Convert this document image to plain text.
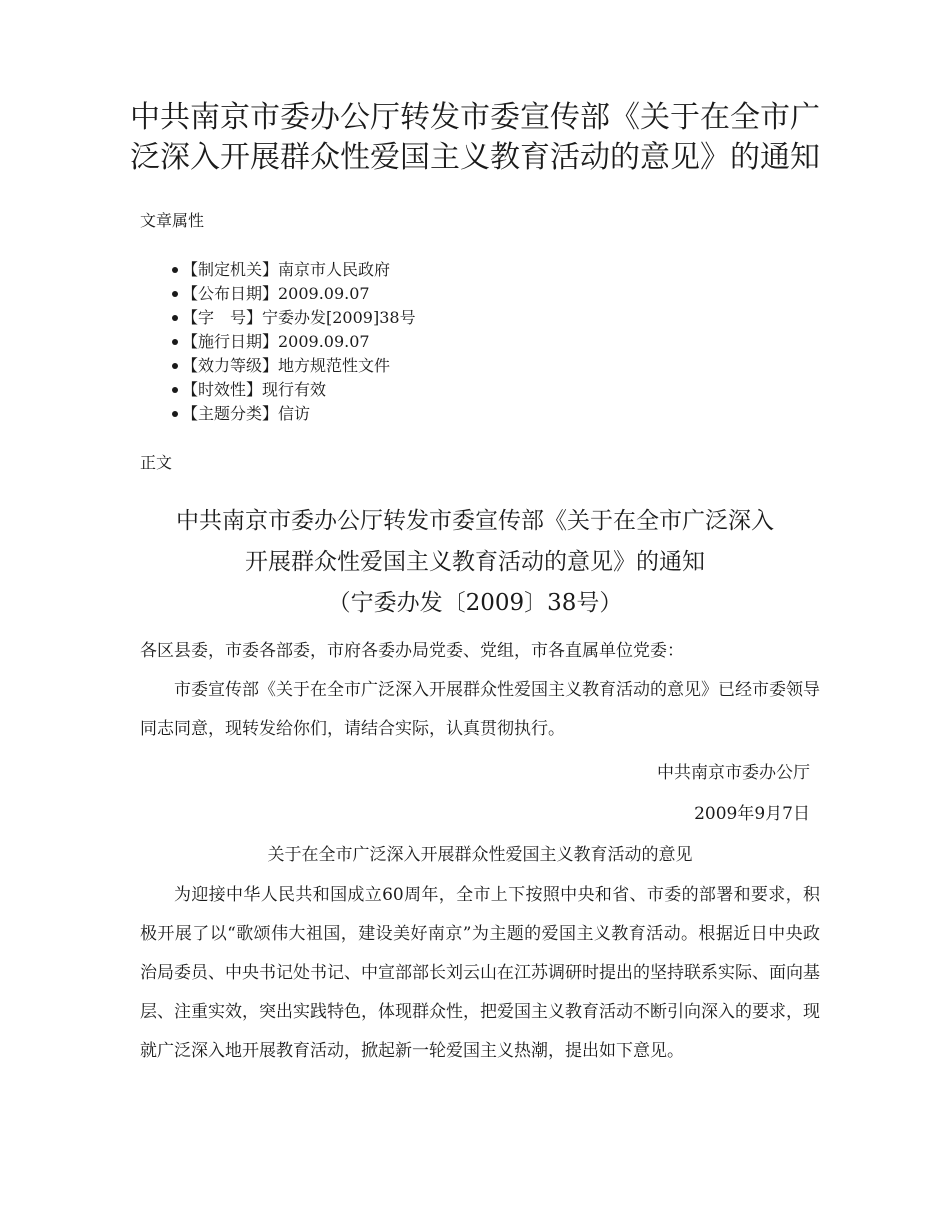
中共南京市委办公厅转发市委宣传部《关于在全市广泛深入开展群众性爱国主义教育活动的意见》的通知

文章属性

【制定机关】南京市人民政府
【公布日期】2009.09.07
【字　号】宁委办发[2009]38号
【施行日期】2009.09.07
【效力等级】地方规范性文件
【时效性】现行有效
【主题分类】信访

正文

中共南京市委办公厅转发市委宣传部《关于在全市广泛深入
开展群众性爱国主义教育活动的意见》的通知
（宁委办发〔2009〕38号）

各区县委，市委各部委，市府各委办局党委、党组，市各直属单位党委：

市委宣传部《关于在全市广泛深入开展群众性爱国主义教育活动的意见》已经市委领导同志同意，现转发给你们，请结合实际，认真贯彻执行。

中共南京市委办公厅

2009年9月7日

关于在全市广泛深入开展群众性爱国主义教育活动的意见

为迎接中华人民共和国成立60周年，全市上下按照中央和省、市委的部署和要求，积极开展了以“歌颂伟大祖国，建设美好南京”为主题的爱国主义教育活动。根据近日中央政治局委员、中央书记处书记、中宣部部长刘云山在江苏调研时提出的坚持联系实际、面向基层、注重实效，突出实践特色，体现群众性，把爱国主义教育活动不断引向深入的要求，现就广泛深入地开展教育活动，掀起新一轮爱国主义热潮，提出如下意见。
